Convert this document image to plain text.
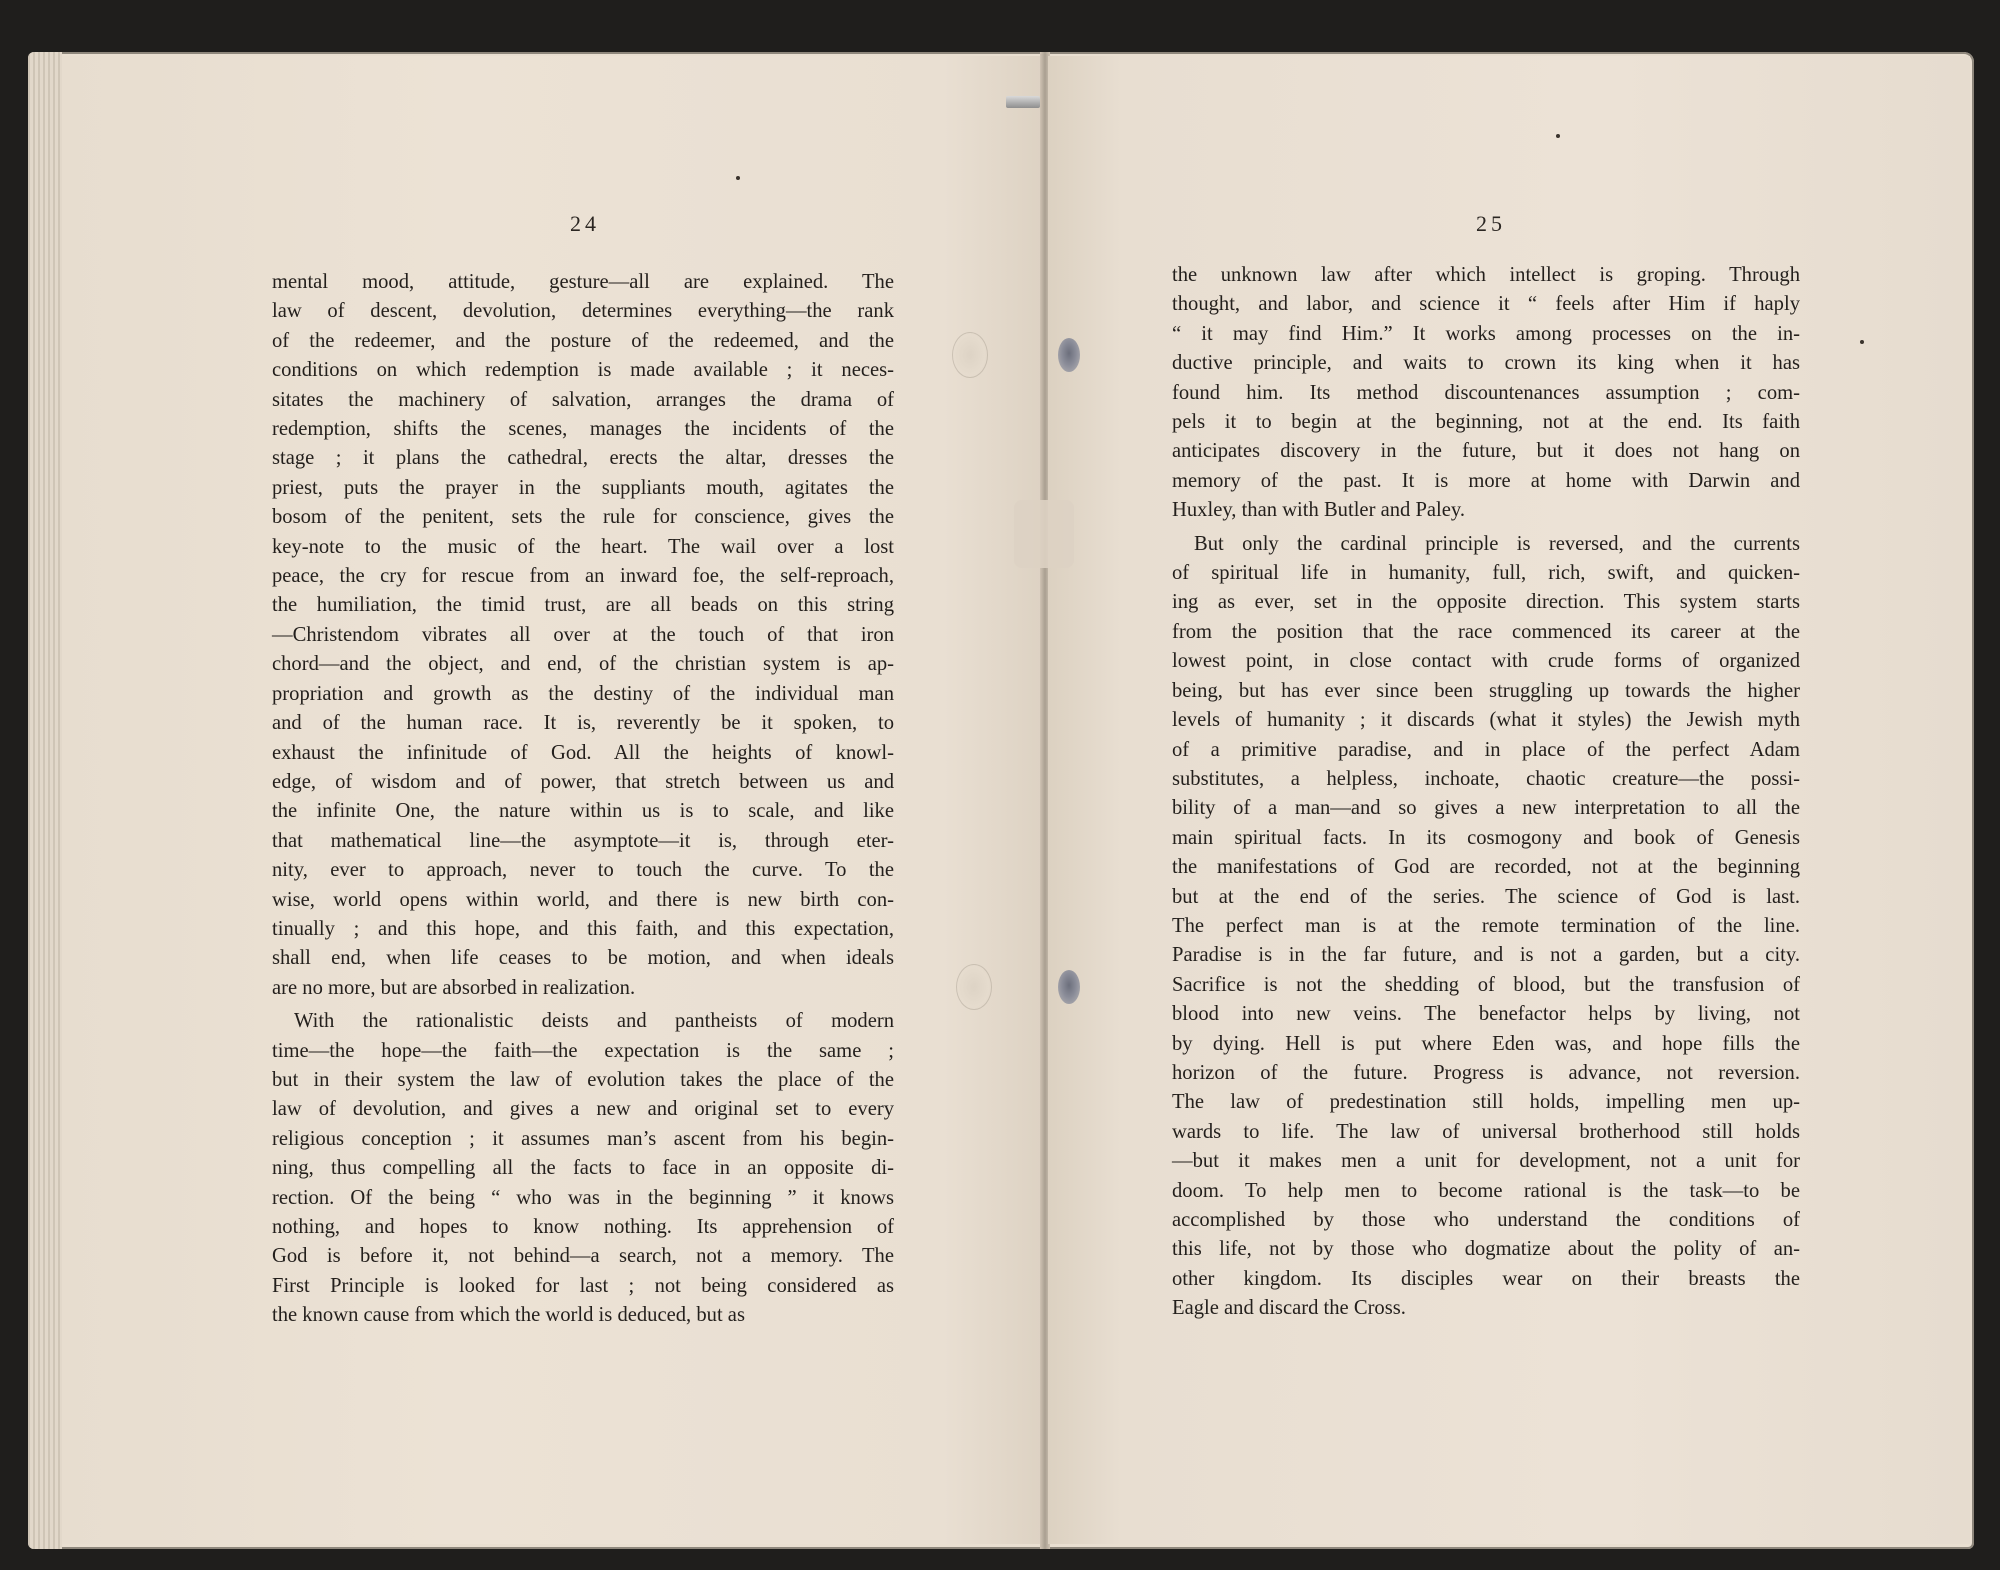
24
mental mood, attitude, gesture—all are explained. The
law of descent, devolution, determines everything—the rank
of the redeemer, and the posture of the redeemed, and the
conditions on which redemption is made available ; it neces-
sitates the machinery of salvation, arranges the drama of
redemption, shifts the scenes, manages the incidents of the
stage ; it plans the cathedral, erects the altar, dresses the
priest, puts the prayer in the suppliants mouth, agitates the
bosom of the penitent, sets the rule for conscience, gives the
key-note to the music of the heart. The wail over a lost
peace, the cry for rescue from an inward foe, the self-reproach,
the humiliation, the timid trust, are all beads on this string
—Christendom vibrates all over at the touch of that iron
chord—and the object, and end, of the christian system is ap-
propriation and growth as the destiny of the individual man
and of the human race. It is, reverently be it spoken, to
exhaust the infinitude of God. All the heights of knowl-
edge, of wisdom and of power, that stretch between us and
the infinite One, the nature within us is to scale, and like
that mathematical line—the asymptote—it is, through eter-
nity, ever to approach, never to touch the curve. To the
wise, world opens within world, and there is new birth con-
tinually ; and this hope, and this faith, and this expectation,
shall end, when life ceases to be motion, and when ideals
are no more, but are absorbed in realization.
With the rationalistic deists and pantheists of modern
time—the hope—the faith—the expectation is the same ;
but in their system the law of evolution takes the place of the
law of devolution, and gives a new and original set to every
religious conception ; it assumes man’s ascent from his begin-
ning, thus compelling all the facts to face in an opposite di-
rection. Of the being “ who was in the beginning ” it knows
nothing, and hopes to know nothing. Its apprehension of
God is before it, not behind—a search, not a memory. The
First Principle is looked for last ; not being considered as
the known cause from which the world is deduced, but as
25
the unknown law after which intellect is groping. Through
thought, and labor, and science it “ feels after Him if haply
“ it may find Him.” It works among processes on the in-
ductive principle, and waits to crown its king when it has
found him. Its method discountenances assumption ; com-
pels it to begin at the beginning, not at the end. Its faith
anticipates discovery in the future, but it does not hang on
memory of the past. It is more at home with Darwin and
Huxley, than with Butler and Paley.
But only the cardinal principle is reversed, and the currents
of spiritual life in humanity, full, rich, swift, and quicken-
ing as ever, set in the opposite direction. This system starts
from the position that the race commenced its career at the
lowest point, in close contact with crude forms of organized
being, but has ever since been struggling up towards the higher
levels of humanity ; it discards (what it styles) the Jewish myth
of a primitive paradise, and in place of the perfect Adam
substitutes, a helpless, inchoate, chaotic creature—the possi-
bility of a man—and so gives a new interpretation to all the
main spiritual facts. In its cosmogony and book of Genesis
the manifestations of God are recorded, not at the beginning
but at the end of the series. The science of God is last.
The perfect man is at the remote termination of the line.
Paradise is in the far future, and is not a garden, but a city.
Sacrifice is not the shedding of blood, but the transfusion of
blood into new veins. The benefactor helps by living, not
by dying. Hell is put where Eden was, and hope fills the
horizon of the future. Progress is advance, not reversion.
The law of predestination still holds, impelling men up-
wards to life. The law of universal brotherhood still holds
—but it makes men a unit for development, not a unit for
doom. To help men to become rational is the task—to be
accomplished by those who understand the conditions of
this life, not by those who dogmatize about the polity of an-
other kingdom. Its disciples wear on their breasts the
Eagle and discard the Cross.
